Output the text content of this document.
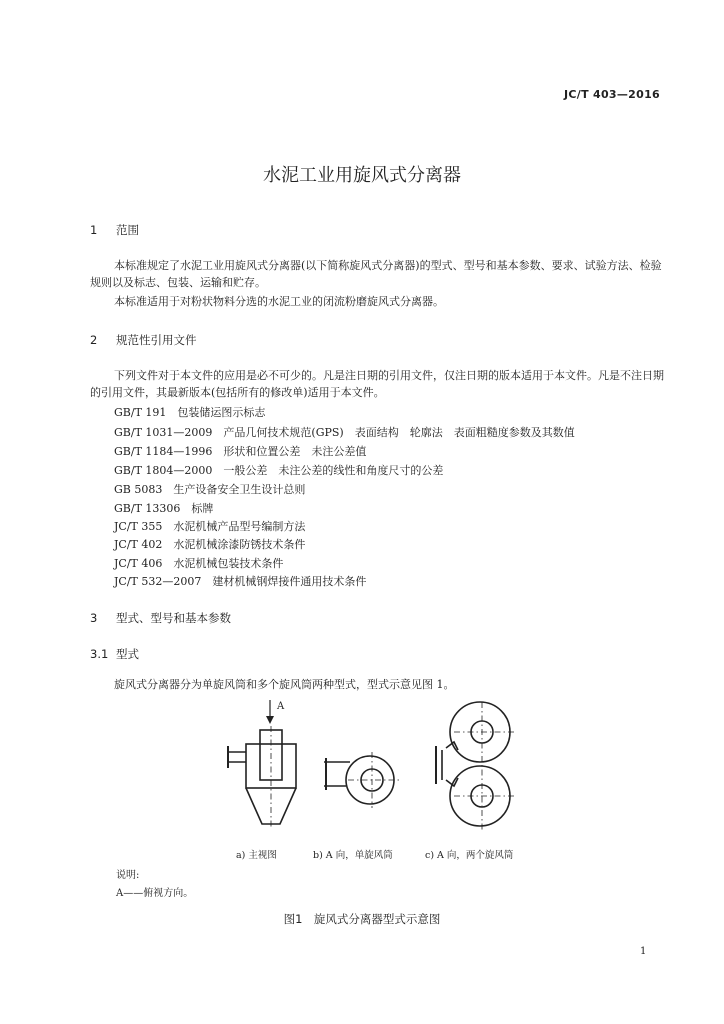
JC/T 403—2016
水泥工业用旋风式分离器
1 范围
本标准规定了水泥工业用旋风式分离器(以下简称旋风式分离器)的型式、型号和基本参数、要求、试验方法、检验规则以及标志、包装、运输和贮存。
本标准适用于对粉状物料分选的水泥工业的闭流粉磨旋风式分离器。
2 规范性引用文件
下列文件对于本文件的应用是必不可少的。凡是注日期的引用文件，仅注日期的版本适用于本文件。凡是不注日期的引用文件，其最新版本(包括所有的修改单)适用于本文件。
GB/T 191　包装储运图示标志
GB/T 1031—2009　产品几何技术规范(GPS)　表面结构　轮廓法　表面粗糙度参数及其数值
GB/T 1184—1996　形状和位置公差　未注公差值
GB/T 1804—2000　一般公差　未注公差的线性和角度尺寸的公差
GB 5083　生产设备安全卫生设计总则
GB/T 13306　标牌
JC/T 355　水泥机械产品型号编制方法
JC/T 402　水泥机械涂漆防锈技术条件
JC/T 406　水泥机械包装技术条件
JC/T 532—2007　建材机械钢焊接件通用技术条件
3 型式、型号和基本参数
3.1 型式
旋风式分离器分为单旋风筒和多个旋风筒两种型式，型式示意见图 1。
A
a) 主视图	b) A 向，单旋风筒	c) A 向，两个旋风筒
说明:
A——俯视方向。
图1　旋风式分离器型式示意图
1
